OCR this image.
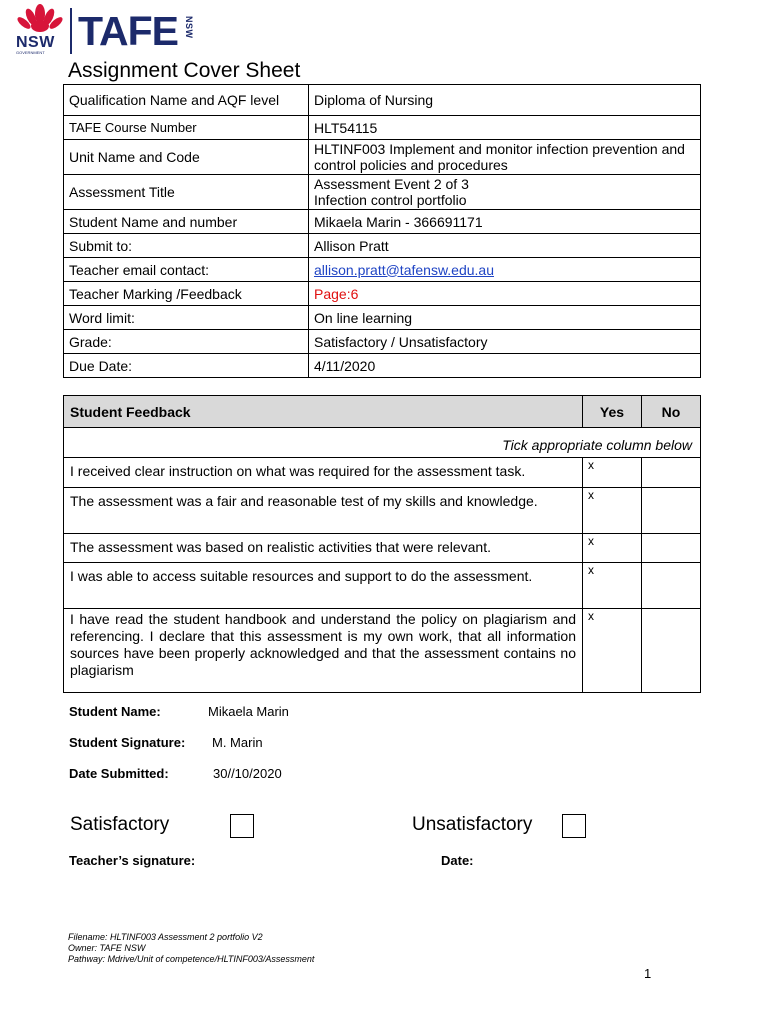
NSW
GOVERNMENT TAFE NSW
Assignment Cover Sheet
Qualification Name and AQF level	Diploma of Nursing
TAFE Course Number	HLT54115
Unit Name and Code	HLTINF003 Implement and monitor infection prevention and control policies and procedures
Assessment Title	Assessment Event 2 of 3
Infection control portfolio

Student Name and number	Mikaela Marin - 366691171
Submit to:	Allison Pratt
Teacher email contact:	allison.pratt@tafensw.edu.au
Teacher Marking /Feedback	Page:6
Word limit:	On line learning
Grade:	Satisfactory / Unsatisfactory
Due Date:	4/11/2020
Student Feedback	Yes	No
Tick appropriate column below		
I received clear instruction on what was required for the assessment task.	x	
The assessment was a fair and reasonable test of my skills and knowledge.	x	
The assessment was based on realistic activities that were relevant.	x	
I was able to access suitable resources and support to do the assessment.	x	
I have read the student handbook and understand the policy on plagiarism and referencing. I declare that this assessment is my own work, that all information sources have been properly acknowledged and that the assessment contains no plagiarism	x	
Student Name:	Mikaela Marin
Student Signature: M. Marin
Date Submitted:	30//10/2020
Satisfactory	Unsatisfactory
Teacher’s signature:	Date:
Filename: HLTINF003 Assessment 2 portfolio V2
Owner: TAFE NSW
Pathway: Mdrive/Unit of competence/HLTINF003/Assessment
1
